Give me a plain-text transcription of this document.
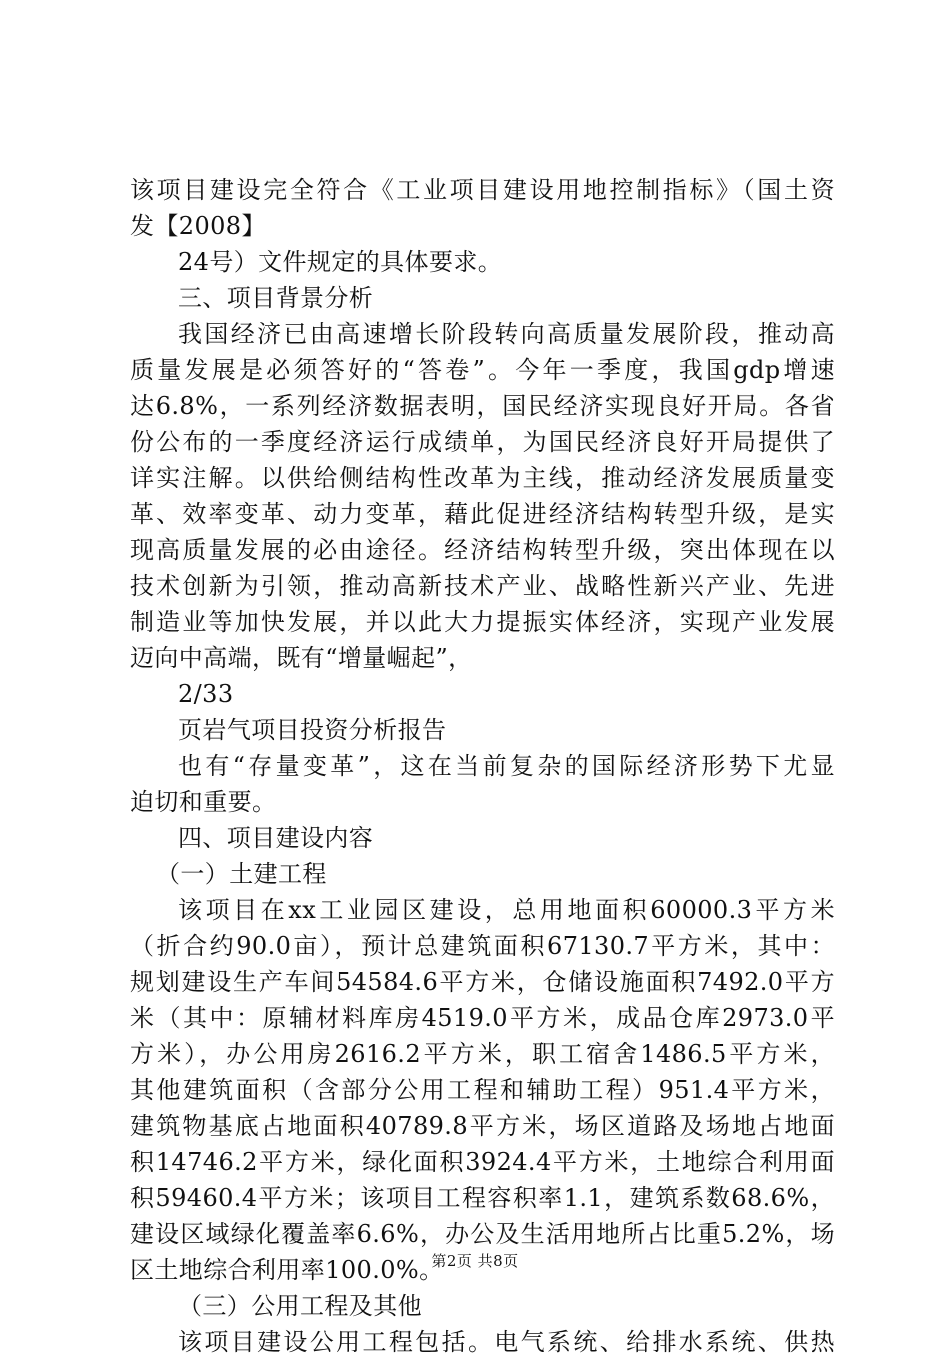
该项目建设完全符合《工业项目建设用地控制指标》（国土资
发【2008】
24号）文件规定的具体要求。
三、项目背景分析
我国经济已由高速增长阶段转向高质量发展阶段，推动高
质量发展是必须答好的“答卷”。今年一季度，我国gdp增速
达6.8%，一系列经济数据表明，国民经济实现良好开局。各省
份公布的一季度经济运行成绩单，为国民经济良好开局提供了
详实注解。以供给侧结构性改革为主线，推动经济发展质量变
革、效率变革、动力变革，藉此促进经济结构转型升级，是实
现高质量发展的必由途径。经济结构转型升级，突出体现在以
技术创新为引领，推动高新技术产业、战略性新兴产业、先进
制造业等加快发展，并以此大力提振实体经济，实现产业发展
迈向中高端，既有“增量崛起”，
2/33
页岩气项目投资分析报告
也有“存量变革”，这在当前复杂的国际经济形势下尤显
迫切和重要。
四、项目建设内容
（一）土建工程
该项目在xx工业园区建设，总用地面积60000.3平方米
（折合约90.0亩），预计总建筑面积67130.7平方米，其中：
规划建设生产车间54584.6平方米，仓储设施面积7492.0平方
米（其中：原辅材料库房4519.0平方米，成品仓库2973.0平
方米），办公用房2616.2平方米，职工宿舍1486.5平方米，
其他建筑面积（含部分公用工程和辅助工程）951.4平方米，
建筑物基底占地面积40789.8平方米，场区道路及场地占地面
积14746.2平方米，绿化面积3924.4平方米，土地综合利用面
积59460.4平方米；该项目工程容积率1.1，建筑系数68.6%，
建设区域绿化覆盖率6.6%，办公及生活用地所占比重5.2%，场
区土地综合利用率100.0%。
（三）公用工程及其他
该项目建设公用工程包括。电气系统、给排水系统、供热
第2页 共8页
